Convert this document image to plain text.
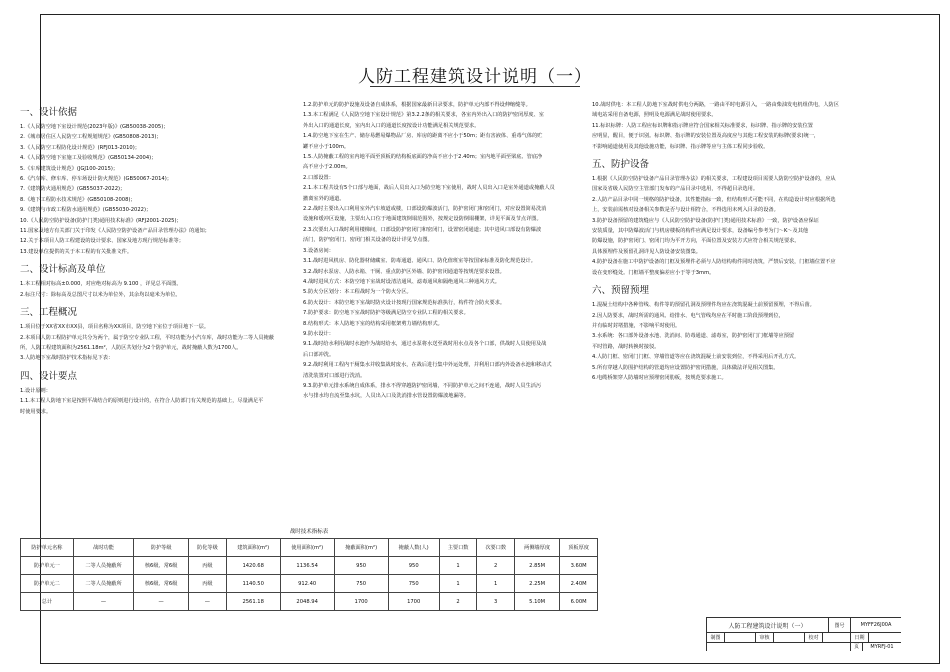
人防工程建筑设计说明（一）

一、设计依据

1.《人民防空地下室设计规范(2023年版)》(GB50038-2005)；

2.《城市居住区人民防空工程规划规范》(GB50808-2013)；

3.《人民防空工程防化设计规范》(RFJ013-2010)；

4.《人民防空地下室施工及验收规范》(GB50134-2004)；

5.《车库建筑设计规范》(JGJ100-2015)；

6.《汽车库、修车库、停车场设计防火规范》(GB50067-2014)；

7.《建筑防火通用规范》(GB55037-2022)；

8.《地下工程防水技术规范》(GB50108-2008)；

9.《建筑与市政工程防水通用规范》(GB55030-2022)；

10.《人民防空防护设备(防护门类)通用技术标准》(RFJ2001-2025)；

11.国家及地方有关部门关于印发《人民防空防护设备产品目录管理办法》的通知；

12.关于本项目人防工程建设的设计要求、国家及地方现行规范标准等；

13.建设单位提供的关于本工程的有关批准文件。

二、设计标高及单位

1.本工程相对标高±0.000，对应绝对标高为 9.100 ，详见总平面图。

2.标注尺寸：除标高及总图尺寸以米为单位外，其余均以毫米为单位。

三、工程概况

1.项目位于XX省XX市XX县，项目名称为XX项目，防空地下室位于项目地下一层。

2.本项目人防工程防护单元共分为两个，属于防空专业队工程，平时功能为小汽车库，战时功能为二等人员掩蔽

所，人防工程建筑面积为2561.18m²，人防区共划分为2个防护单元，战时掩蔽人数为1700人。

3.人防地下室战时防护技术指标见下表：

四、设计要点

1.设计原则：

1.1.本工程人防地下室是按照平战结合的原则进行设计的，在符合人防部门有关规范的基础上，尽量满足平

时使用要求。

1.2.防护单元的防护设施及设备自成体系，根据国家最新目录要求，防护单元内部不得设伸缩缝等。

1.3.本工程满足《人民防空地下室设计规范》第3.2.2条的相关要求，各室内外出入口的防护密闭厚度、室

外出入口的通道长度，室内出入口的通道长度按设计功能满足相关规范要求。

1.4.防空地下室在生产、储存易燃易爆物品厂房、库房的距离不应小于50m；距有害液体、重毒气体的贮

罐不应小于100m。

1.5.人防掩蔽工程的室内地平面至顶板的结构板底面的净高不应小于2.40m；室内地平面至梁底、管底净

高不应小于2.00m。

2.口部设置：

2.1.本工程共设有5个口部与地面，战后人员出入口为防空地下室使用，战时人员出入口是室外通道或掩蔽人员

撤离室外的通道。

2.2.战时主要出入口利用室外汽车坡道或楼，口部设防爆波活门，防护密闭门和密闭门，对应设置简易洗消

设施和缓冲区设施，主要出入口位于地面建筑倒塌范围外，按规定设防倒塌棚架，详见平面及节点详图。

2.3.次要出入口战时利用楼梯间，口部设防护密闭门和密闭门，设置密闭通道；其中进风口部设有防爆波

活门，防护密闭门、密闭门相关设备的设计详见节点图。

3.设备房间：

3.1.战时进风机房、防化器材储藏室、防毒通道、通风口、防化值班室等按国家标准及防化规范设计。

3.2.战时水泵房、人防水箱、干厕、重点防护区外墙、防护密闭通道等按规范要求设置。

4.战时进风方式：本防空地下室战时设清洁通风、滤毒通风和隔绝通风三种通风方式。

5.防火分区划分：本工程战时为一个防火分区。

6.防火设计：本防空地下室战时防火设计按现行国家规范标准执行，构件符合防火要求。

7.防护要求：防空地下室战时防护等级满足防空专业队工程的相关要求。

8.结构形式：本人防地下室的结构采用框架剪力墙结构形式。

9.防水设计：

9.1.战时给水利用战时水池作为战时给水，通过水泵将水送至战时用水点及各个口部，供战时人员使用及战

后口部冲洗。

9.2.战时利用工程内干厕集水并收集战时废水，在战后进行集中外运处理，并利用口部内外设备水池和移动式

清洗装置对口部进行洗消。

9.3.防护单元排水系统自成体系，排水不得穿越防护密闭墙，不同防护单元之间不连通，战时人员生活污

水与排水均自流至集水坑，人员出入口及洗消排水管设置防爆波地漏等。

10.战时供电：本工程人防地下室战时供电分两路，一路由平时电源引入，一路由柴油发电机组供电，人防区

域电站采用自备电源，照明及电源满足战时使用要求。

11.标识标牌：人防工程应标识牌和指示牌应符合国家相关标准要求，标识牌、指示牌的安装位置

应明显，醒目，便于识别。标识牌、指示牌的安装位置及高度应与其他工程安装的标牌(要求)统一，

不影响通道使用及其他设施功能，标识牌、指示牌等应与主体工程同步验收。

五、防护设备

1.根据《人民防空防护设备产品目录管理办法》的相关要求，工程建设项目需要人防防空防护设备的，应从

国家及省级人民防空主管部门发布的产品目录中选用，不得超目录选用。

2.人防产品目录中同一规格的防护设备，其性能指标一致，但结构形式可能不同，在构造设计时应根据所选

上，安装前需核对设备相关参数是否与设计相符合，不得选用未列入目录的设备。

3.防护设备预留的建筑缝应与《人民防空防护设备(防护门类)通用技术标准》一致，防护设备应保证

安装质量，其中防爆波活门与机房楼板的构件应满足设计要求，设备编号参考为门～K～及其他

防爆设施，防护密闭门、密闭门均为平开方向，平面位置及安装方式应符合相关规范要求。

具体预埋件及预留孔洞详见人防设备安装图集。

4.防护设备在施工中防护设备的门框及预埋件必须与人防结构构件同时浇筑，严禁后安装，门框墙位置不应

设在变形缝处。门框墙平整度偏差应小于等于3mm。

六、预留预埋

1.混凝土结构中各种管线、构件等的预留孔洞及预埋件均应在浇筑混凝土前预留预埋，不得后凿。

2.因人防要求，战时所需的通风、给排水、电气管线均应在平时施工阶段预埋到位，

并有临时封堵措施，不影响平时使用。

3.水系统：各口部外设备水池、洗消间、防毒通道、滤毒室，防护密闭门门框墙等应预留

平时管路，战时转换时接驳。

4.人防门框、密闭门门框、穿墙管道等应在浇筑混凝土前安装到位，不得采用后开孔方式。

5.所有穿越人防围护结构的管道均应设置防护密闭措施，具体做法详见相关图集。

6.电缆桥架穿人防墙时应预埋密闭肋板，按规范要求施工。

战时技术指标表
防护单元名称	战时功能	防护等级	防化等级	建筑面积(m²)	使用面积(m²)	掩蔽面积(m²)	掩蔽人数(人)	主要口数	次要口数	两侧墙厚度	顶板厚度
防护单元一	二等人员掩蔽所	核6级、常6级	丙级	1420.68	1136.54	950	950	1	2	2.85M	3.60M
防护单元二	二等人员掩蔽所	核6级、常6级	丙级	1140.50	912.40	750	750	1	1	2.25M	2.40M
总计	—	—	—	2561.18	2048.94	1700	1700	2	3	5.10M	6.00M
人防工程建筑设计说明（一）	图号	MYFF26J00A
制图	审核	校对	日期
页	MYRFJ-01
